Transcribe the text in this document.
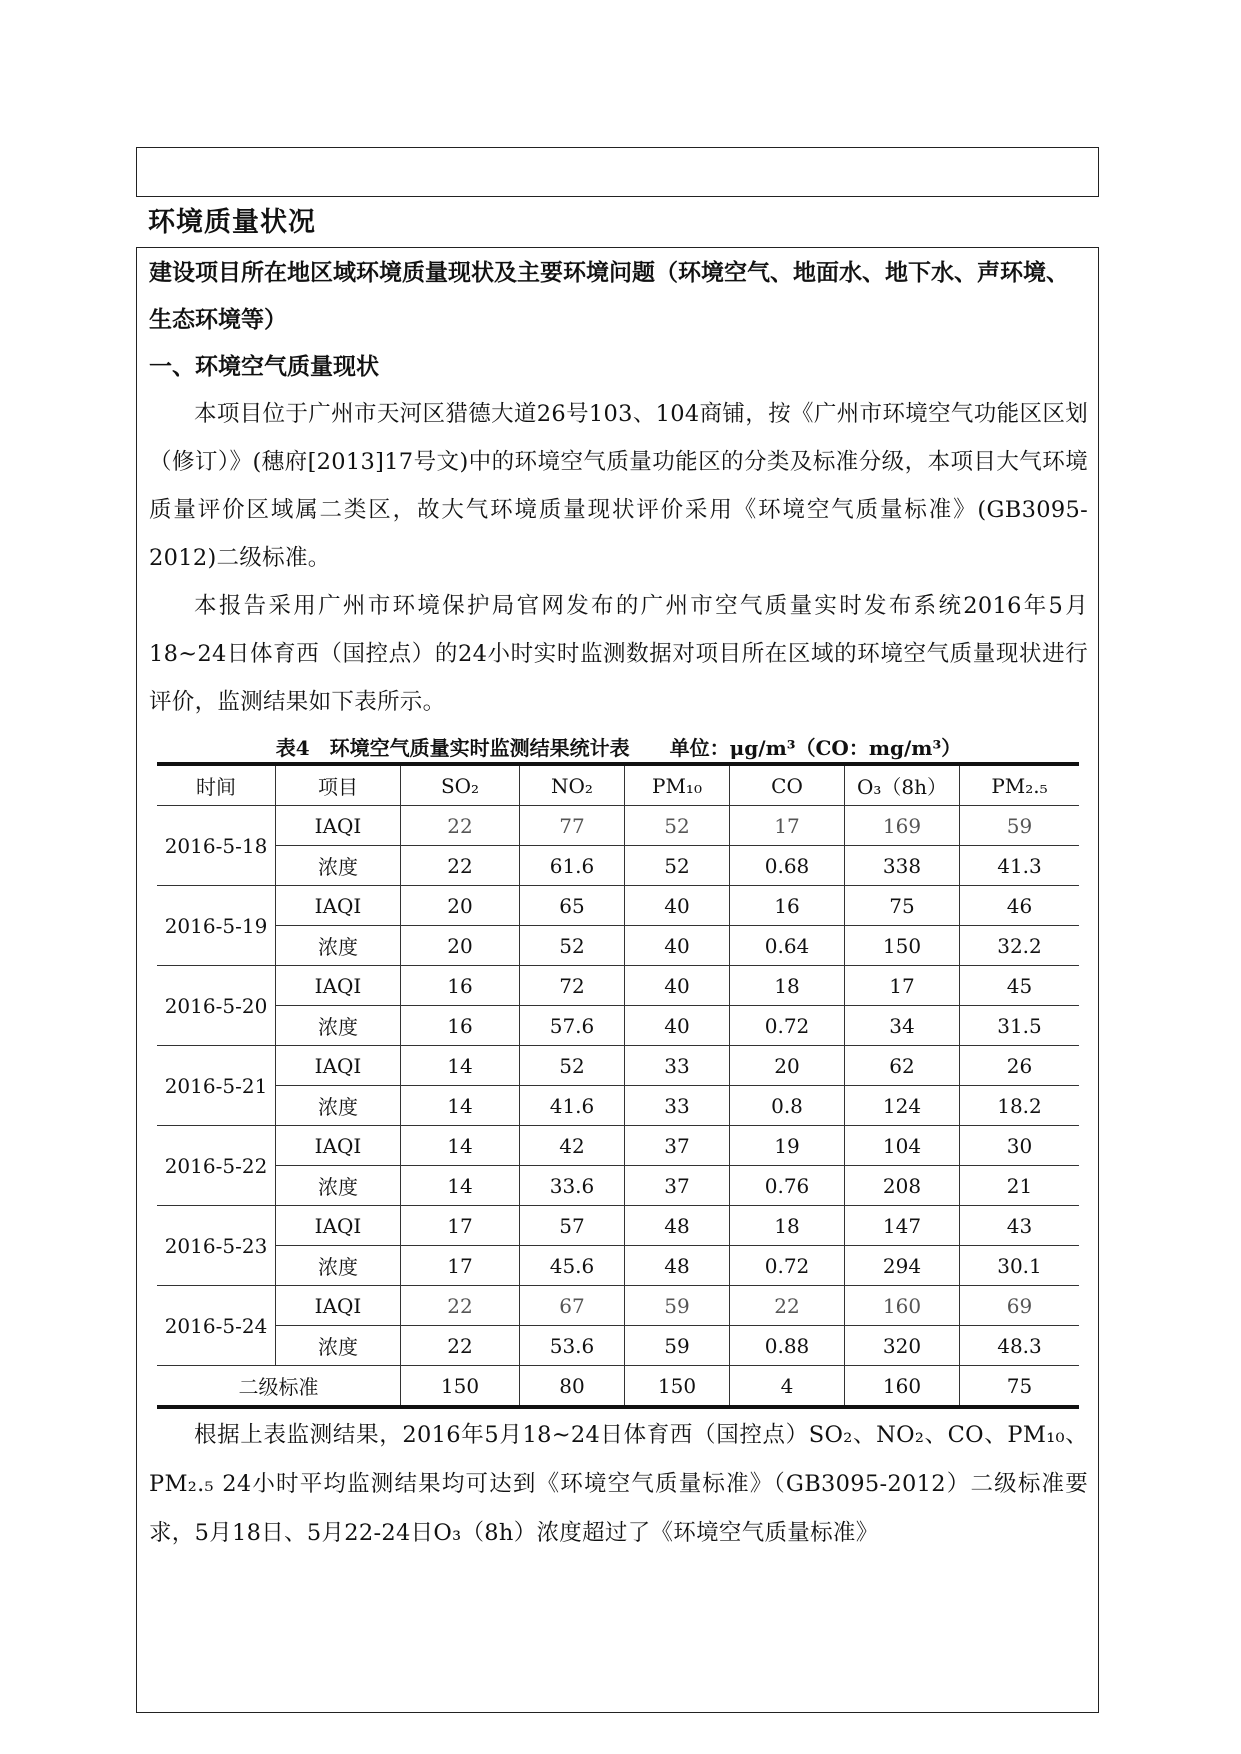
环境质量状况
建设项目所在地区域环境质量现状及主要环境问题（环境空气、地面水、地下水、声环境、生态环境等）
一、环境空气质量现状

本项目位于广州市天河区猎德大道26号103、104商铺，按《广州市环境空气功能区区划（修订）》(穗府[2013]17号文)中的环境空气质量功能区的分类及标准分级，本项目大气环境质量评价区域属二类区，故大气环境质量现状评价采用《环境空气质量标准》(GB3095-2012)二级标准。

本报告采用广州市环境保护局官网发布的广州市空气质量实时发布系统2016年5月18~24日体育西（国控点）的24小时实时监测数据对项目所在区域的环境空气质量现状进行评价，监测结果如下表所示。

表4　环境空气质量实时监测结果统计表　　单位：μg/m³（CO：mg/m³）
时间	项目	SO₂	NO₂	PM₁₀	CO	O₃（8h）	PM₂.₅
2016-5-18	IAQI	22	77	52	17	169	59
	浓度	22	61.6	52	0.68	338	41.3
2016-5-19	IAQI	20	65	40	16	75	46
	浓度	20	52	40	0.64	150	32.2
2016-5-20	IAQI	16	72	40	18	17	45
	浓度	16	57.6	40	0.72	34	31.5
2016-5-21	IAQI	14	52	33	20	62	26
	浓度	14	41.6	33	0.8	124	18.2
2016-5-22	IAQI	14	42	37	19	104	30
	浓度	14	33.6	37	0.76	208	21
2016-5-23	IAQI	17	57	48	18	147	43
	浓度	17	45.6	48	0.72	294	30.1
2016-5-24	IAQI	22	67	59	22	160	69
	浓度	22	53.6	59	0.88	320	48.3
二级标准		150	80	150	4	160	75
根据上表监测结果，2016年5月18~24日体育西（国控点）SO₂、NO₂、CO、PM₁₀、PM₂.₅ 24小时平均监测结果均可达到《环境空气质量标准》（GB3095-2012）二级标准要求，5月18日、5月22-24日O₃（8h）浓度超过了《环境空气质量标准》
